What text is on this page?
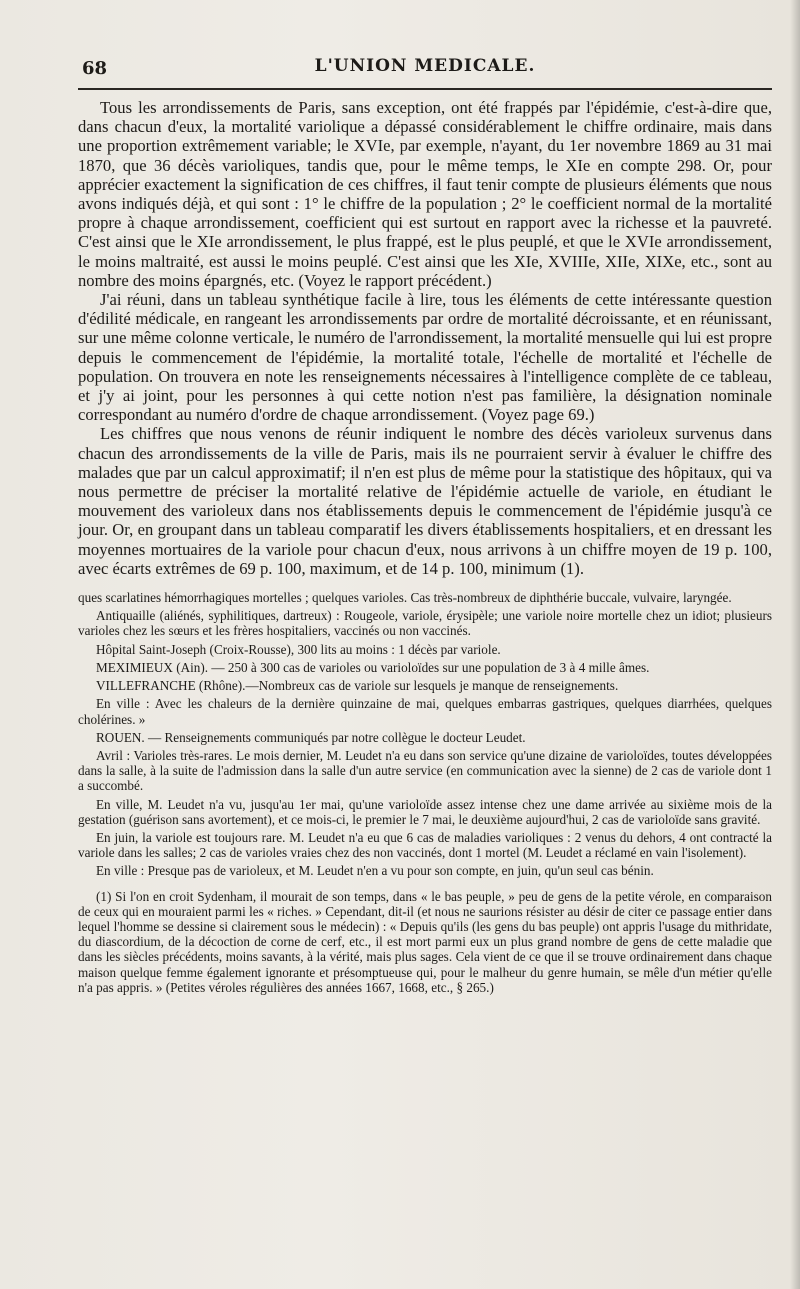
68	L'UNION MEDICALE.

Tous les arrondissements de Paris, sans exception, ont été frappés par l'épidémie, c'est-à-dire que, dans chacun d'eux, la mortalité variolique a dépassé considérablement le chiffre ordinaire, mais dans une proportion extrêmement variable; le XVIe, par exemple, n'ayant, du 1er novembre 1869 au 31 mai 1870, que 36 décès varioliques, tandis que, pour le même temps, le XIe en compte 298. Or, pour apprécier exactement la signification de ces chiffres, il faut tenir compte de plusieurs éléments que nous avons indiqués déjà, et qui sont : 1° le chiffre de la population ; 2° le coefficient normal de la mortalité propre à chaque arrondissement, coefficient qui est surtout en rapport avec la richesse et la pauvreté. C'est ainsi que le XIe arrondissement, le plus frappé, est le plus peuplé, et que le XVIe arrondissement, le moins maltraité, est aussi le moins peuplé. C'est ainsi que les XIe, XVIIIe, XIIe, XIXe, etc., sont au nombre des moins épargnés, etc. (Voyez le rapport précédent.)

J'ai réuni, dans un tableau synthétique facile à lire, tous les éléments de cette intéressante question d'édilité médicale, en rangeant les arrondissements par ordre de mortalité décroissante, et en réunissant, sur une même colonne verticale, le numéro de l'arrondissement, la mortalité mensuelle qui lui est propre depuis le commencement de l'épidémie, la mortalité totale, l'échelle de mortalité et l'échelle de population. On trouvera en note les renseignements nécessaires à l'intelligence complète de ce tableau, et j'y ai joint, pour les personnes à qui cette notion n'est pas familière, la désignation nominale correspondant au numéro d'ordre de chaque arrondissement. (Voyez page 69.)

Les chiffres que nous venons de réunir indiquent le nombre des décès varioleux survenus dans chacun des arrondissements de la ville de Paris, mais ils ne pourraient servir à évaluer le chiffre des malades que par un calcul approximatif; il n'en est plus de même pour la statistique des hôpitaux, qui va nous permettre de préciser la mortalité relative de l'épidémie actuelle de variole, en étudiant le mouvement des varioleux dans nos établissements depuis le commencement de l'épidémie jusqu'à ce jour. Or, en groupant dans un tableau comparatif les divers établissements hospitaliers, et en dressant les moyennes mortuaires de la variole pour chacun d'eux, nous arrivons à un chiffre moyen de 19 p. 100, avec écarts extrêmes de 69 p. 100, maximum, et de 14 p. 100, minimum (1).

ques scarlatines hémorrhagiques mortelles ; quelques varioles. Cas très-nombreux de diphthérie buccale, vulvaire, laryngée.

Antiquaille (aliénés, syphilitiques, dartreux) : Rougeole, variole, érysipèle; une variole noire mortelle chez un idiot; plusieurs varioles chez les sœurs et les frères hospitaliers, vaccinés ou non vaccinés.

Hôpital Saint-Joseph (Croix-Rousse), 300 lits au moins : 1 décès par variole.

MEXIMIEUX (Ain). — 250 à 300 cas de varioles ou varioloïdes sur une population de 3 à 4 mille âmes.

VILLEFRANCHE (Rhône).—Nombreux cas de variole sur lesquels je manque de renseignements.

En ville : Avec les chaleurs de la dernière quinzaine de mai, quelques embarras gastriques, quelques diarrhées, quelques cholérines. »

ROUEN. — Renseignements communiqués par notre collègue le docteur Leudet.

Avril : Varioles très-rares. Le mois dernier, M. Leudet n'a eu dans son service qu'une dizaine de varioloïdes, toutes développées dans la salle, à la suite de l'admission dans la salle d'un autre service (en communication avec la sienne) de 2 cas de variole dont 1 a succombé.

En ville, M. Leudet n'a vu, jusqu'au 1er mai, qu'une varioloïde assez intense chez une dame arrivée au sixième mois de la gestation (guérison sans avortement), et ce mois-ci, le premier le 7 mai, le deuxième aujourd'hui, 2 cas de varioloïde sans gravité.

En juin, la variole est toujours rare. M. Leudet n'a eu que 6 cas de maladies varioliques : 2 venus du dehors, 4 ont contracté la variole dans les salles; 2 cas de varioles vraies chez des non vaccinés, dont 1 mortel (M. Leudet a réclamé en vain l'isolement).

En ville : Presque pas de varioleux, et M. Leudet n'en a vu pour son compte, en juin, qu'un seul cas bénin.

(1) Si l'on en croit Sydenham, il mourait de son temps, dans « le bas peuple, » peu de gens de la petite vérole, en comparaison de ceux qui en mouraient parmi les « riches. » Cependant, dit-il (et nous ne saurions résister au désir de citer ce passage entier dans lequel l'homme se dessine si clairement sous le médecin) : « Depuis qu'ils (les gens du bas peuple) ont appris l'usage du mithridate, du diascordium, de la décoction de corne de cerf, etc., il est mort parmi eux un plus grand nombre de gens de cette maladie que dans les siècles précédents, moins savants, à la vérité, mais plus sages. Cela vient de ce que il se trouve ordinairement dans chaque maison quelque femme également ignorante et présomptueuse qui, pour le malheur du genre humain, se mêle d'un métier qu'elle n'a pas appris. » (Petites véroles régulières des années 1667, 1668, etc., § 265.)
